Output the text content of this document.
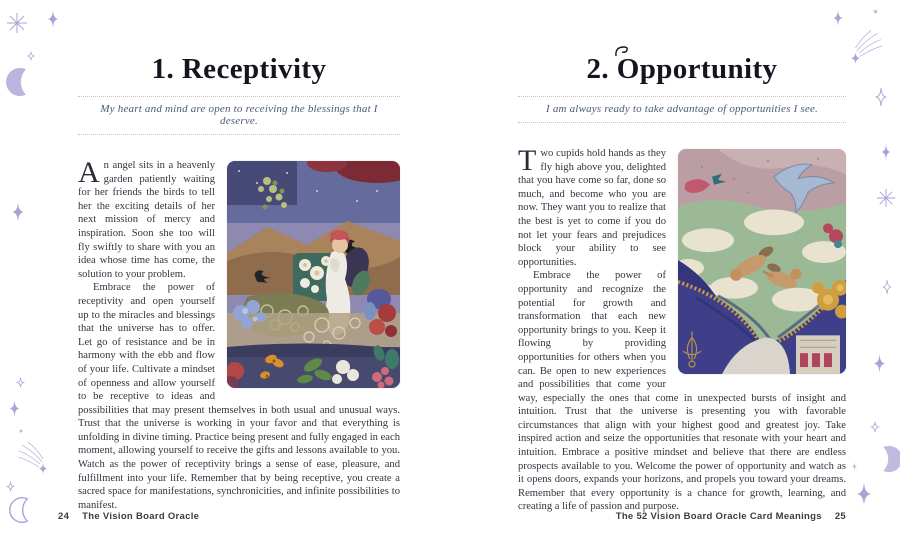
1. Receptivity

My heart and mind are open to receiving the blessings that I deserve.

An angel sits in a heavenly garden patiently waiting for her friends the birds to tell her the exciting details of her next mission of mercy and inspiration. Soon she too will fly swiftly to share with you an idea whose time has come, the solution to your problem.

Embrace the power of receptivity and open yourself up to the miracles and blessings that the universe has to offer. Let go of resistance and be in harmony with the ebb and flow of your life. Cultivate a mindset of openness and allow yourself to be receptive to ideas and possibilities that may present themselves in both usual and unusual ways. Trust that the universe is working in your favor and that everything is unfolding in divine timing. Practice being present and fully engaged in each moment, allowing yourself to receive the gifts and lessons available to you. Watch as the power of receptivity brings a sense of ease, pleasure, and fulfillment into your life. Remember that by being receptive, you create a sacred space for manifestations, synchronicities, and infinite possibilities to manifest.

2. Opportunity

I am always ready to take advantage of opportunities I see.

Two cupids hold hands as they fly high above you, delighted that you have come so far, done so much, and become who you are now. They want you to realize that the best is yet to come if you do not let your fears and prejudices block your ability to see opportunities.

Embrace the power of opportunity and recognize the potential for growth and transformation that each new opportunity brings to you. Keep it flowing by providing opportunities for others when you can. Be open to new experiences and possibilities that come your way, especially the ones that come in unexpected bursts of insight and intuition. Trust that the universe is presenting you with favorable circumstances that align with your highest good and greatest joy. Take inspired action and seize the opportunities that resonate with your heart and intuition. Embrace a positive mindset and believe that there are endless prospects available to you. Welcome the power of opportunity and watch as it opens doors, expands your horizons, and propels you toward your dreams. Remember that every opportunity is a chance for growth, learning, and creating a life of passion and purpose.

24 The Vision Board Oracle	The 52 Vision Board Oracle Card Meanings 25
